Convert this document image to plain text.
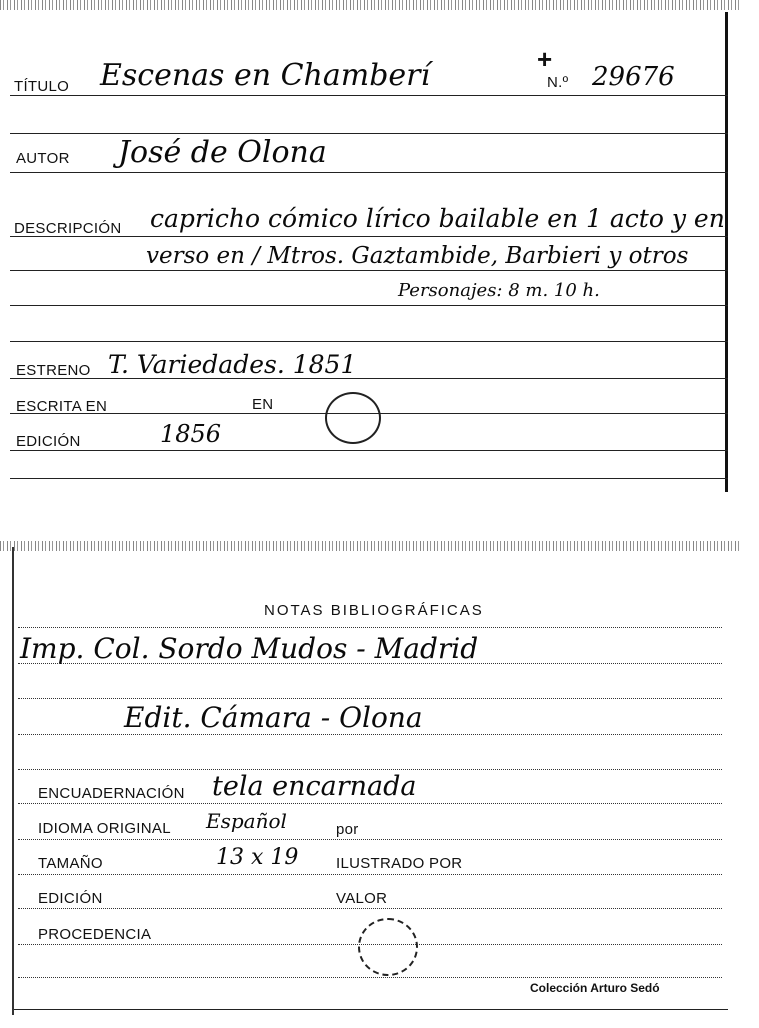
+
TÍTULO Escenas en Chamberí	N.º 29676
AUTOR José de Olona
DESCRIPCIÓN capricho cómico lírico bailable en 1 acto y en
verso en / Mtros. Gaztambide, Barbieri y otros
Personajes: 8 m. 10 h.
ESTRENO T. Variedades. 1851
ESCRITA EN	EN
EDICIÓN	1856
NOTAS BIBLIOGRÁFICAS
Imp. Col. Sordo Mudos - Madrid
Edit. Cámara - Olona
ENCUADERNACIÓN tela encarnada
IDIOMA ORIGINAL Español	por
TAMAÑO	13 x 19	ILUSTRADO POR
EDICIÓN	VALOR
PROCEDENCIA
Colección Arturo Sedó
